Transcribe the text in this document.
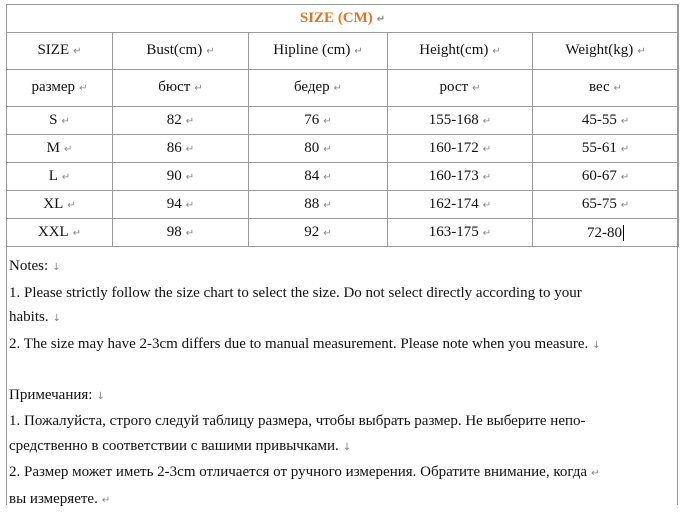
SIZE (CM) ↵				
SIZE ↵	Bust(cm) ↵	Hipline (cm) ↵	Height(cm) ↵	Weight(kg) ↵
размер ↵	бюст ↵	бедер ↵	рост ↵	вес ↵
S ↵	82 ↵	76 ↵	155-168 ↵	45-55 ↵
M ↵	86 ↵	80 ↵	160-172 ↵	55-61 ↵
L ↵	90 ↵	84 ↵	160-173 ↵	60-67 ↵
XL ↵	94 ↵	88 ↵	162-174 ↵	65-75 ↵
XXL ↵	98 ↵	92 ↵	163-175 ↵	72-80

Notes: ↓

1. Please strictly follow the size chart to select the size. Do not select directly according to your

habits. ↓

2. The size may have 2-3cm differs due to manual measurement. Please note when you measure. ↓

Примечания: ↓

1. Пожалуйста, строго следуй таблицу размера, чтобы выбрать размер. Не выберите непо-

средственно в соответствии с вашими привычками. ↓

2. Размер может иметь 2-3cm отличается от ручного измерения. Обратите внимание, когда ↵

вы измеряете. ↵
